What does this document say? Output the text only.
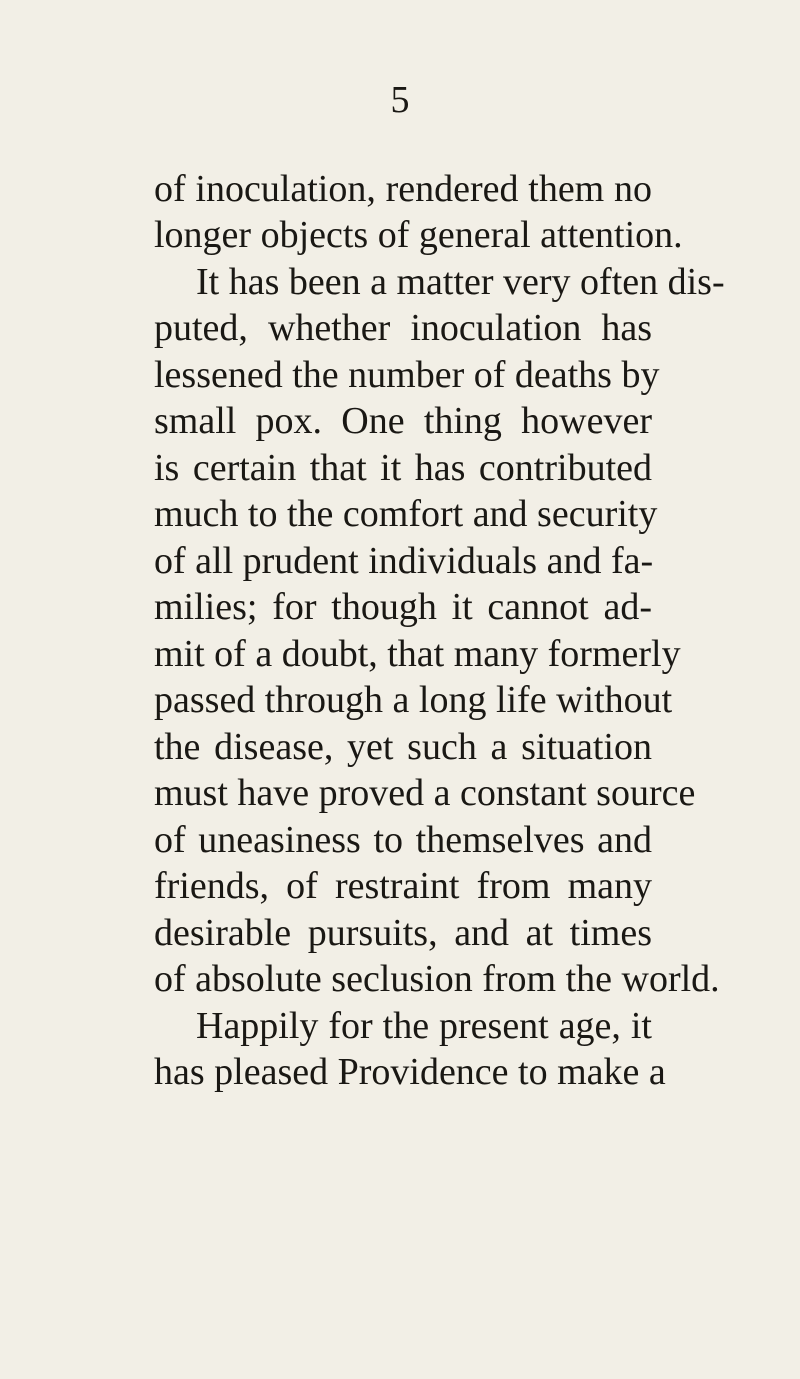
5
of inoculation, rendered them no
longer objects of general attention.
It has been a matter very often dis-
puted, whether inoculation has
lessened the number of deaths by
small pox. One thing however
is certain that it has contributed
much to the comfort and security
of all prudent individuals and fa-
milies; for though it cannot ad-
mit of a doubt, that many formerly
passed through a long life without
the disease, yet such a situation
must have proved a constant source
of uneasiness to themselves and
friends, of restraint from many
desirable pursuits, and at times
of absolute seclusion from the world.
Happily for the present age, it
has pleased Providence to make a
